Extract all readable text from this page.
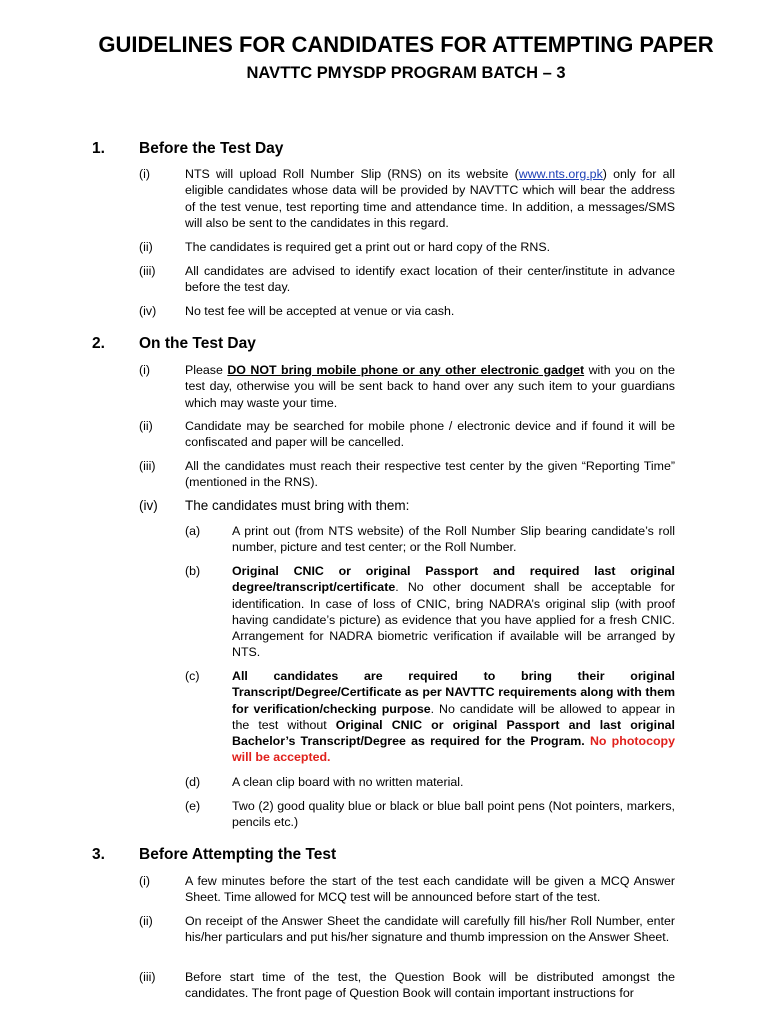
GUIDELINES FOR CANDIDATES FOR ATTEMPTING PAPER
NAVTTC PMYSDP PROGRAM BATCH – 3
1. Before the Test Day
(i)	NTS will upload Roll Number Slip (RNS) on its website (www.nts.org.pk) only for all eligible candidates whose data will be provided by NAVTTC which will bear the address of the test venue, test reporting time and attendance time. In addition, a messages/SMS will also be sent to the candidates in this regard.
(ii)	The candidates is required get a print out or hard copy of the RNS.
(iii) All candidates are advised to identify exact location of their center/institute in advance before the test day.
(iv) No test fee will be accepted at venue or via cash.
2. On the Test Day
(i)	Please DO NOT bring mobile phone or any other electronic gadget with you on the test day, otherwise you will be sent back to hand over any such item to your guardians which may waste your time.
(ii)	Candidate may be searched for mobile phone / electronic device and if found it will be confiscated and paper will be cancelled.
(iii) All the candidates must reach their respective test center by the given “Reporting Time” (mentioned in the RNS).
(iv) The candidates must bring with them:
(a)	A print out (from NTS website) of the Roll Number Slip bearing candidate’s roll number, picture and test center; or the Roll Number.
(b)	Original CNIC or original Passport and required last original degree/transcript/certificate. No other document shall be acceptable for identification. In case of loss of CNIC, bring NADRA’s original slip (with proof having candidate’s picture) as evidence that you have applied for a fresh CNIC. Arrangement for NADRA biometric verification if available will be arranged by NTS.
(c)	All candidates are required to bring their original Transcript/Degree/Certificate as per NAVTTC requirements along with them for verification/checking purpose. No candidate will be allowed to appear in the test without Original CNIC or original Passport and last original Bachelor’s Transcript/Degree as required for the Program. No photocopy will be accepted.
(d)	A clean clip board with no written material.
(e)	Two (2) good quality blue or black or blue ball point pens (Not pointers, markers, pencils etc.)
3. Before Attempting the Test
(i)	A few minutes before the start of the test each candidate will be given a MCQ Answer Sheet. Time allowed for MCQ test will be announced before start of the test.
(ii)	On receipt of the Answer Sheet the candidate will carefully fill his/her Roll Number, enter his/her particulars and put his/her signature and thumb impression on the Answer Sheet.
(iii) Before start time of the test, the Question Book will be distributed amongst the candidates. The front page of Question Book will contain important instructions for
